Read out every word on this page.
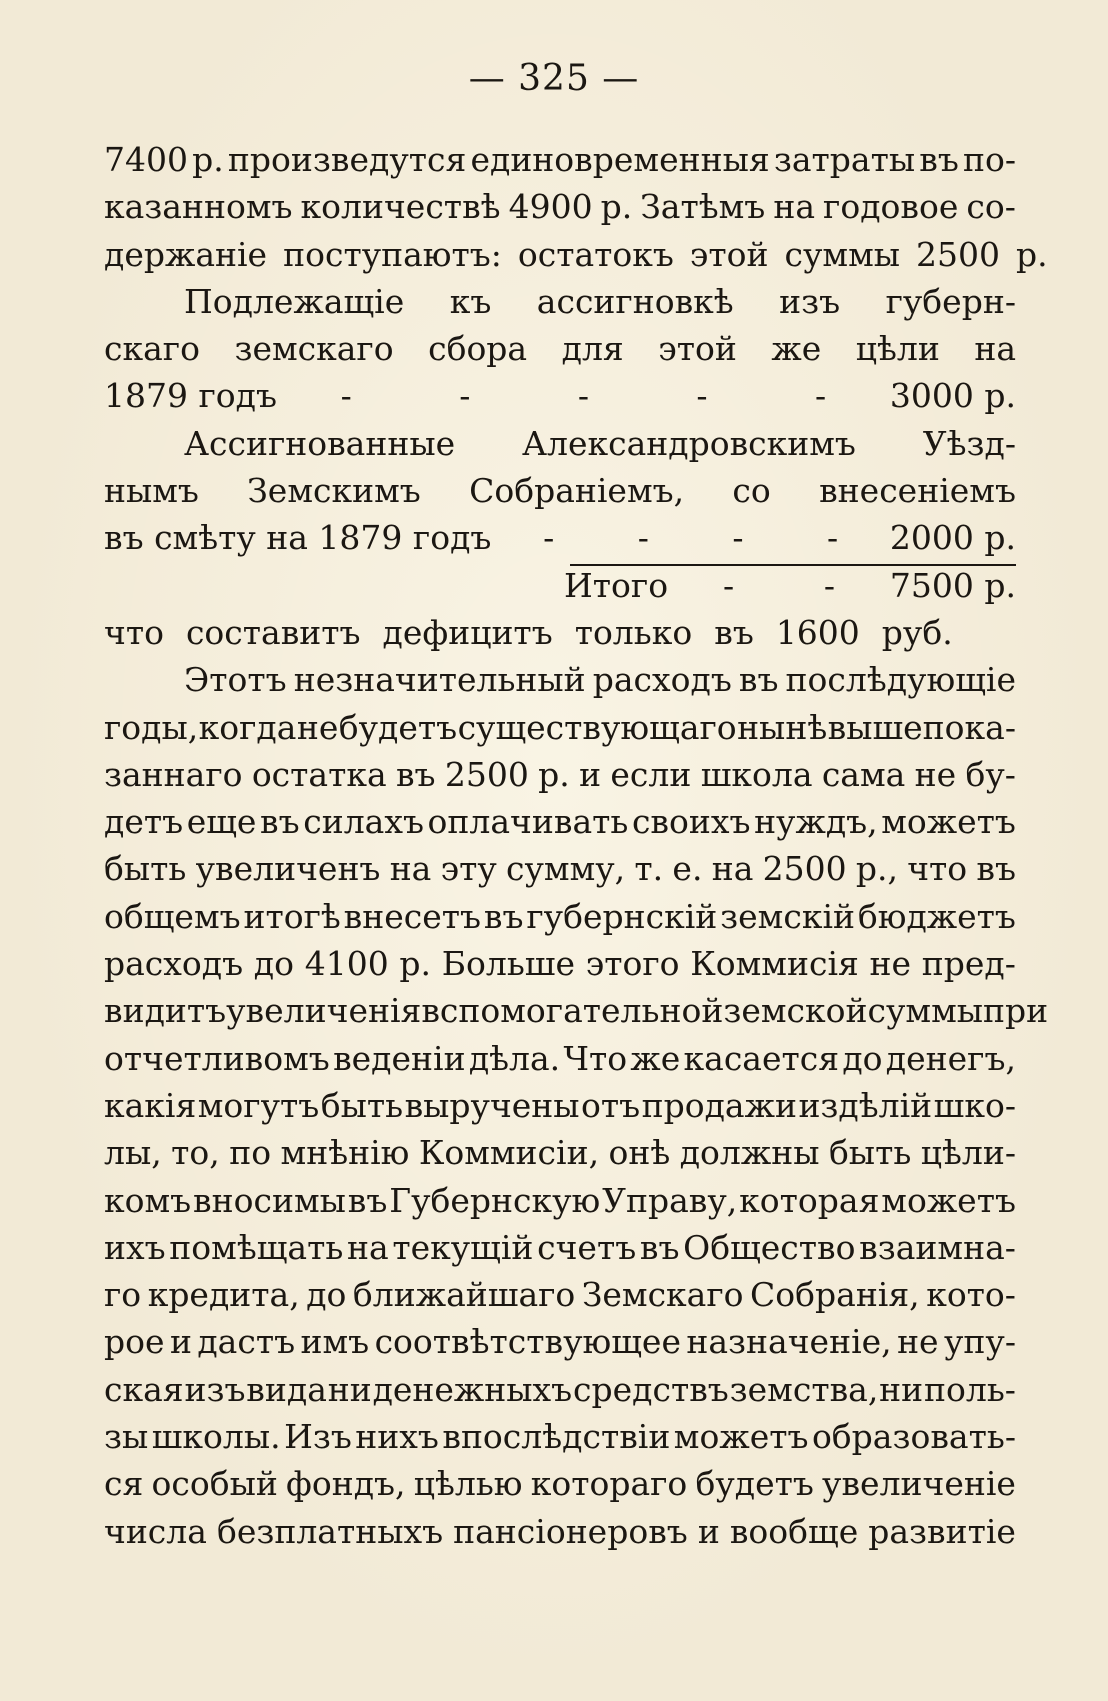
— 325 —
7400 р. произведутся единовременныя затраты въ по-
казанномъ количествѣ 4900 р. Затѣмъ на годовое со-
держаніе поступаютъ: остатокъ этой суммы 2500 р.
Подлежащіе къ ассигновкѣ изъ губерн-
скаго земскаго сбора для этой же цѣли на
1879 годъ -	-	-	-	- 3000 р.
Ассигнованные Александровскимъ Уѣзд-
нымъ Земскимъ Собраніемъ, со внесеніемъ
въ смѣту на 1879 годъ -	-	-	- 2000 р.
Итого -	- 7500 р.
что составитъ дефицитъ только въ 1600 руб.
Этотъ незначительный расходъ въ послѣдующіе
годы, когда не будетъ существующаго нынѣ вышепока-
заннаго остатка въ 2500 р. и если школа сама не бу-
детъ еще въ силахъ оплачивать своихъ нуждъ, можетъ
быть увеличенъ на эту сумму, т. е. на 2500 р., что въ
общемъ итогѣ внесетъ въ губернскій земскій бюджетъ
расходъ до 4100 р. Больше этого Коммисія не пред-
видитъ увеличенія вспомогательной земской суммы при
отчетливомъ веденіи дѣла. Что же касается до денегъ,
какія могутъ быть выручены отъ продажи издѣлій шко-
лы, то, по мнѣнію Коммисіи, онѣ должны быть цѣли-
комъ вносимы въ Губернскую Управу, которая можетъ
ихъ помѣщать на текущій счетъ въ Общество взаимна-
го кредита, до ближайшаго Земскаго Собранія, кото-
рое и дастъ имъ соотвѣтствующее назначеніе, не упу-
ская изъ вида ни денежныхъ средствъ земства, ни поль-
зы школы. Изъ нихъ впослѣдствіи можетъ образовать-
ся особый фондъ, цѣлью котораго будетъ увеличеніе
числа безплатныхъ пансіонеровъ и вообще развитіе
